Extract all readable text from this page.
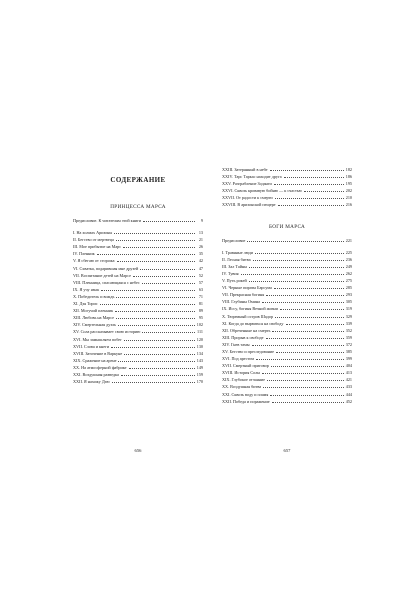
СОДЕРЖАНИЕ
ПРИНЦЕССА МАРСА
Предисловие. К читателям этой книги	9
I. На холмах Аризоны	13
II. Бегство от мертвеца	21
III. Мое прибытие на Марс	26
IV. Пленник	35
V. Я сбегаю от сторожа	42
VI. Схватка, подарившая мне друзей	47
VII. Воспитание детей на Марсе	52
VIII. Пленница, спасающаяся с небес	57
IX. Я учу язык	63
X. Победитель и вождь	71
XI. Дэя Торис	81
XII. Могучий пленник	89
XIII. Любовь на Марсе	95
XIV. Смертельная дуэль	102
XV. Сола рассказывает свою историю	111
XVI. Мы замышляем побег	120
XVII. Слова и кнеги	130
XVIII. Заточение в Варкуне	134
XIX. Сражение на арене	143
XX. На атмосферной фабрике	149
XXI. Воздушная разведка	159
XXII. Я нахожу Дэю	170
656
XXIII. Затерянный в небе	182
XXIV. Тарс Таркас находит друга	186
XXV. Разграбление Зоданги	195
XXVI. Сквозь кровавую бойню — к счастью	202
XXVII. От радости к смерти	210
XXVIII. В аризонской пещере	216
БОГИ МАРСА
Предисловие	221
I. Травяные люди	225
II. Лесная битва	236
III. Зал Тайны	249
IV. Тувия	262
V. Путь рокей	275
VI. Черные пираты Барсума	285
VII. Прекрасная богиня	293
VIII. Глубины Омина	305
IX. Иссу, богиня Вечной жизни	319
X. Тюремный остров Шадор	329
XI. Когда до вырваться на свободу	339
XII. Обреченные на смерть	352
XIII. Прорыв к свободе	359
XIV. Гнев тамы	372
XV. Бегство и преследование	385
XVI. Под арестом	399
XVII. Смертный приговор	404
XVIII. История Солы	413
XIX. Глубокое отчаяние	421
XX. Воздушная битва	433
XXI. Сквозь воду и пламя	444
XXII. Победа и поражение	452
657
